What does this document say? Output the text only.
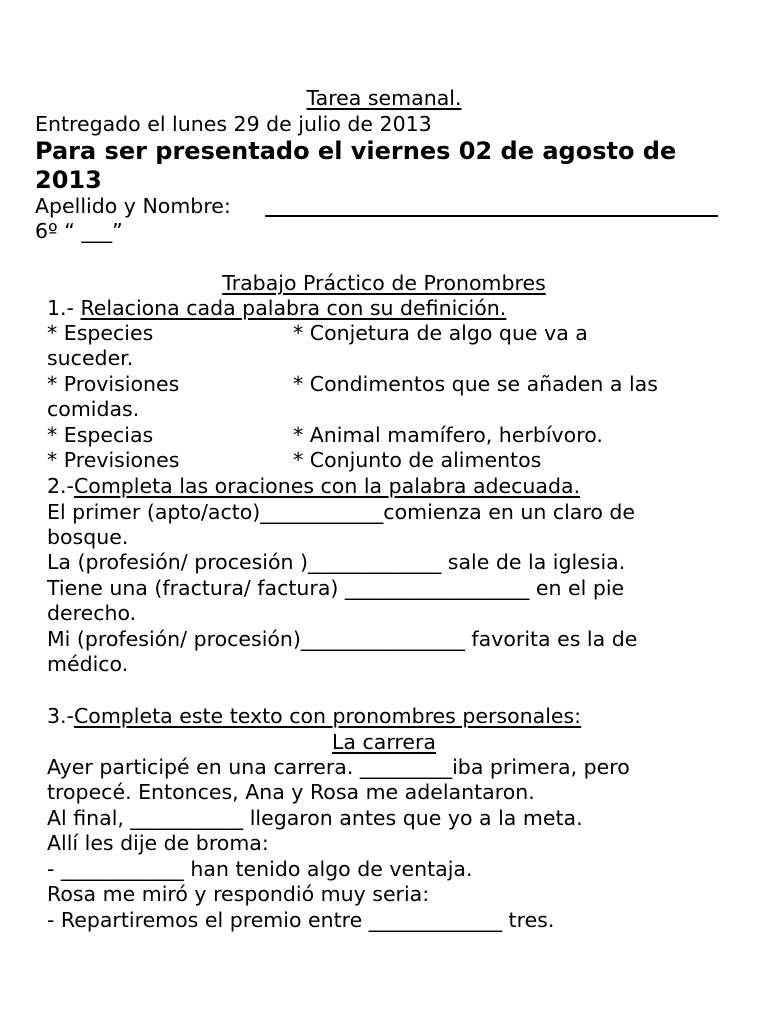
Tarea semanal.
Entregado el lunes 29 de julio de 2013
Para ser presentado el viernes 02 de agosto de
2013
Apellido y Nombre:
6º “ ___”
Trabajo Práctico de Pronombres
1.- Relaciona cada palabra con su definición.
* Especies	* Conjetura de algo que va a
suceder.
* Provisiones	* Condimentos que se añaden a las
comidas.
* Especias	* Animal mamífero, herbívoro.
* Previsiones	* Conjunto de alimentos
2.-Completa las oraciones con la palabra adecuada.
El primer (apto/acto)____________comienza en un claro de
bosque.
La (profesión/ procesión )_____________ sale de la iglesia.
Tiene una (fractura/ factura) __________________ en el pie
derecho.
Mi (profesión/ procesión)________________ favorita es la de
médico.
3.-Completa este texto con pronombres personales:
La carrera
Ayer participé en una carrera. _________iba primera, pero
tropecé. Entonces, Ana y Rosa me adelantaron.
Al final, ___________ llegaron antes que yo a la meta.
Allí les dije de broma:
- ____________ han tenido algo de ventaja.
Rosa me miró y respondió muy seria:
- Repartiremos el premio entre _____________ tres.
